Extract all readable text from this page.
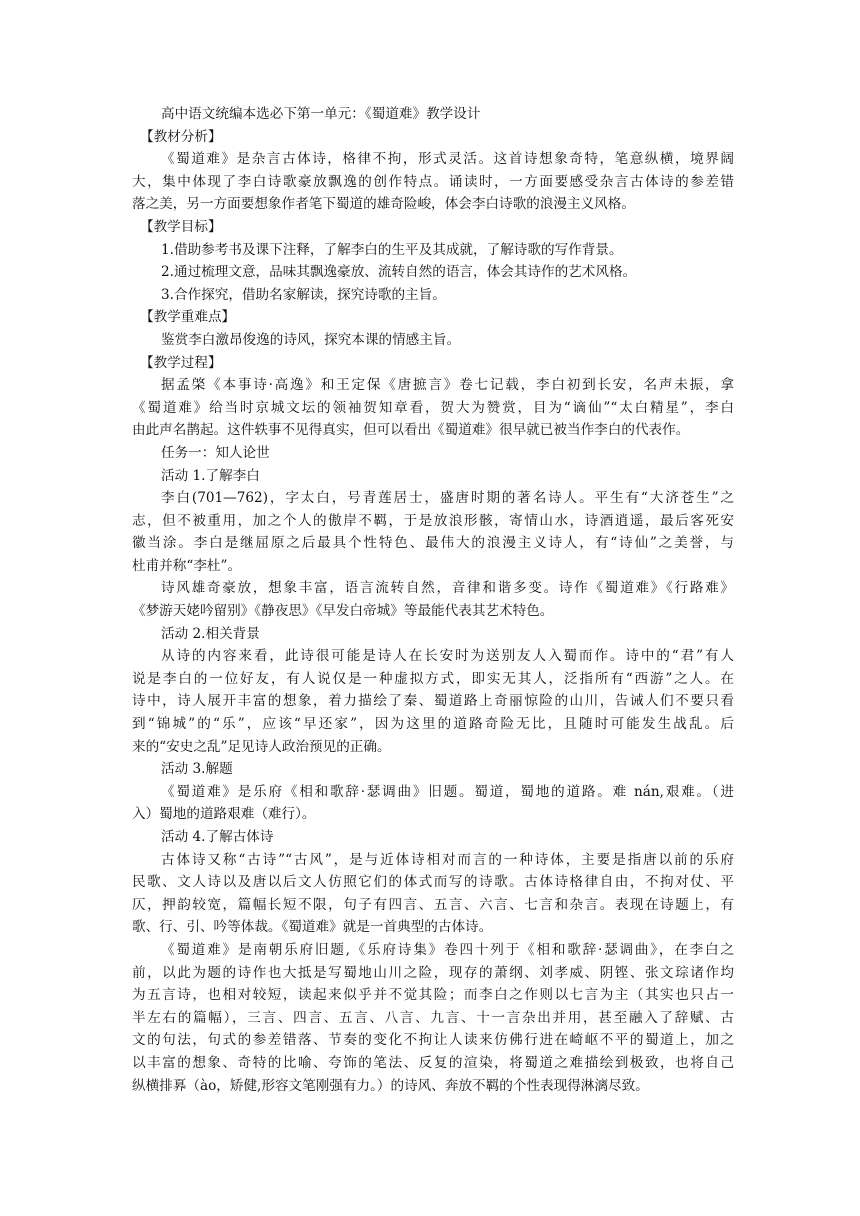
高中语文统编本选必下第一单元：《蜀道难》教学设计
【教材分析】
《蜀道难》是杂言古体诗，格律不拘，形式灵活。这首诗想象奇特，笔意纵横，境界阔
大，集中体现了李白诗歌豪放飘逸的创作特点。诵读时，一方面要感受杂言古体诗的参差错
落之美，另一方面要想象作者笔下蜀道的雄奇险峻，体会李白诗歌的浪漫主义风格。
【教学目标】
1.借助参考书及课下注释，了解李白的生平及其成就，了解诗歌的写作背景。
2.通过梳理文意，品味其飘逸豪放、流转自然的语言，体会其诗作的艺术风格。
3.合作探究，借助名家解读，探究诗歌的主旨。
【教学重难点】
鉴赏李白激昂俊逸的诗风，探究本课的情感主旨。
【教学过程】
据孟棨《本事诗·高逸》和王定保《唐摭言》卷七记载，李白初到长安，名声未振，拿
《蜀道难》给当时京城文坛的领袖贺知章看，贺大为赞赏，目为“谪仙”“太白精星”，李白
由此声名鹊起。这件轶事不见得真实，但可以看出《蜀道难》很早就已被当作李白的代表作。
任务一：知人论世
活动 1.了解李白
李白(701—762)，字太白，号青莲居士，盛唐时期的著名诗人。平生有“大济苍生”之
志，但不被重用，加之个人的傲岸不羁，于是放浪形骸，寄情山水，诗酒逍遥，最后客死安
徽当涂。李白是继屈原之后最具个性特色、最伟大的浪漫主义诗人，有“诗仙”之美誉，与
杜甫并称“李杜”。
诗风雄奇豪放，想象丰富，语言流转自然，音律和谐多变。诗作《蜀道难》《行路难》
《梦游天姥吟留别》《静夜思》《早发白帝城》等最能代表其艺术特色。
活动 2.相关背景
从诗的内容来看，此诗很可能是诗人在长安时为送别友人入蜀而作。诗中的“君”有人
说是李白的一位好友，有人说仅是一种虚拟方式，即实无其人，泛指所有“西游”之人。在
诗中，诗人展开丰富的想象，着力描绘了秦、蜀道路上奇丽惊险的山川，告诫人们不要只看
到“锦城”的“乐”，应该“早还家”，因为这里的道路奇险无比，且随时可能发生战乱。后
来的“安史之乱”足见诗人政治预见的正确。
活动 3.解题
《蜀道难》是乐府《相和歌辞·瑟调曲》旧题。蜀道，蜀地的道路。难 nán,艰难。（进
入）蜀地的道路艰难（难行）。
活动 4.了解古体诗
古体诗又称“古诗”“古风”，是与近体诗相对而言的一种诗体，主要是指唐以前的乐府
民歌、文人诗以及唐以后文人仿照它们的体式而写的诗歌。古体诗格律自由，不拘对仗、平
仄，押韵较宽，篇幅长短不限，句子有四言、五言、六言、七言和杂言。表现在诗题上，有
歌、行、引、吟等体裁。《蜀道难》就是一首典型的古体诗。
《蜀道难》是南朝乐府旧题,《乐府诗集》卷四十列于《相和歌辞·瑟调曲》，在李白之
前，以此为题的诗作也大抵是写蜀地山川之险，现存的萧纲、刘孝威、阴铿、张文琮诸作均
为五言诗，也相对较短，读起来似乎并不觉其险；而李白之作则以七言为主（其实也只占一
半左右的篇幅），三言、四言、五言、八言、九言、十一言杂出并用，甚至融入了辞赋、古
文的句法，句式的参差错落、节奏的变化不拘让人读来仿佛行进在崎岖不平的蜀道上，加之
以丰富的想象、奇特的比喻、夸饰的笔法、反复的渲染，将蜀道之难描绘到极致，也将自己
纵横排奡（ào，矫健,形容文笔刚强有力。）的诗风、奔放不羁的个性表现得淋漓尽致。
